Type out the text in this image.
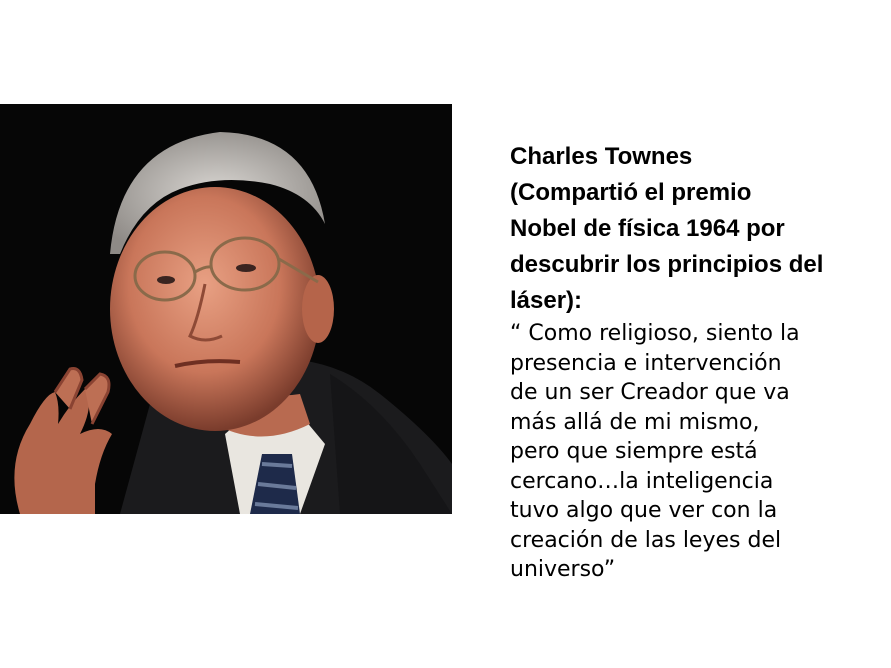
Charles Townes
(Compartió el premio
Nobel de física 1964 por
descubrir los principios del
láser):

“ Como religioso, siento la
presencia e intervención
de un ser Creador que va
más allá de mi mismo,
pero que siempre está
cercano…la inteligencia
tuvo algo que ver con la
creación de las leyes del
universo”
